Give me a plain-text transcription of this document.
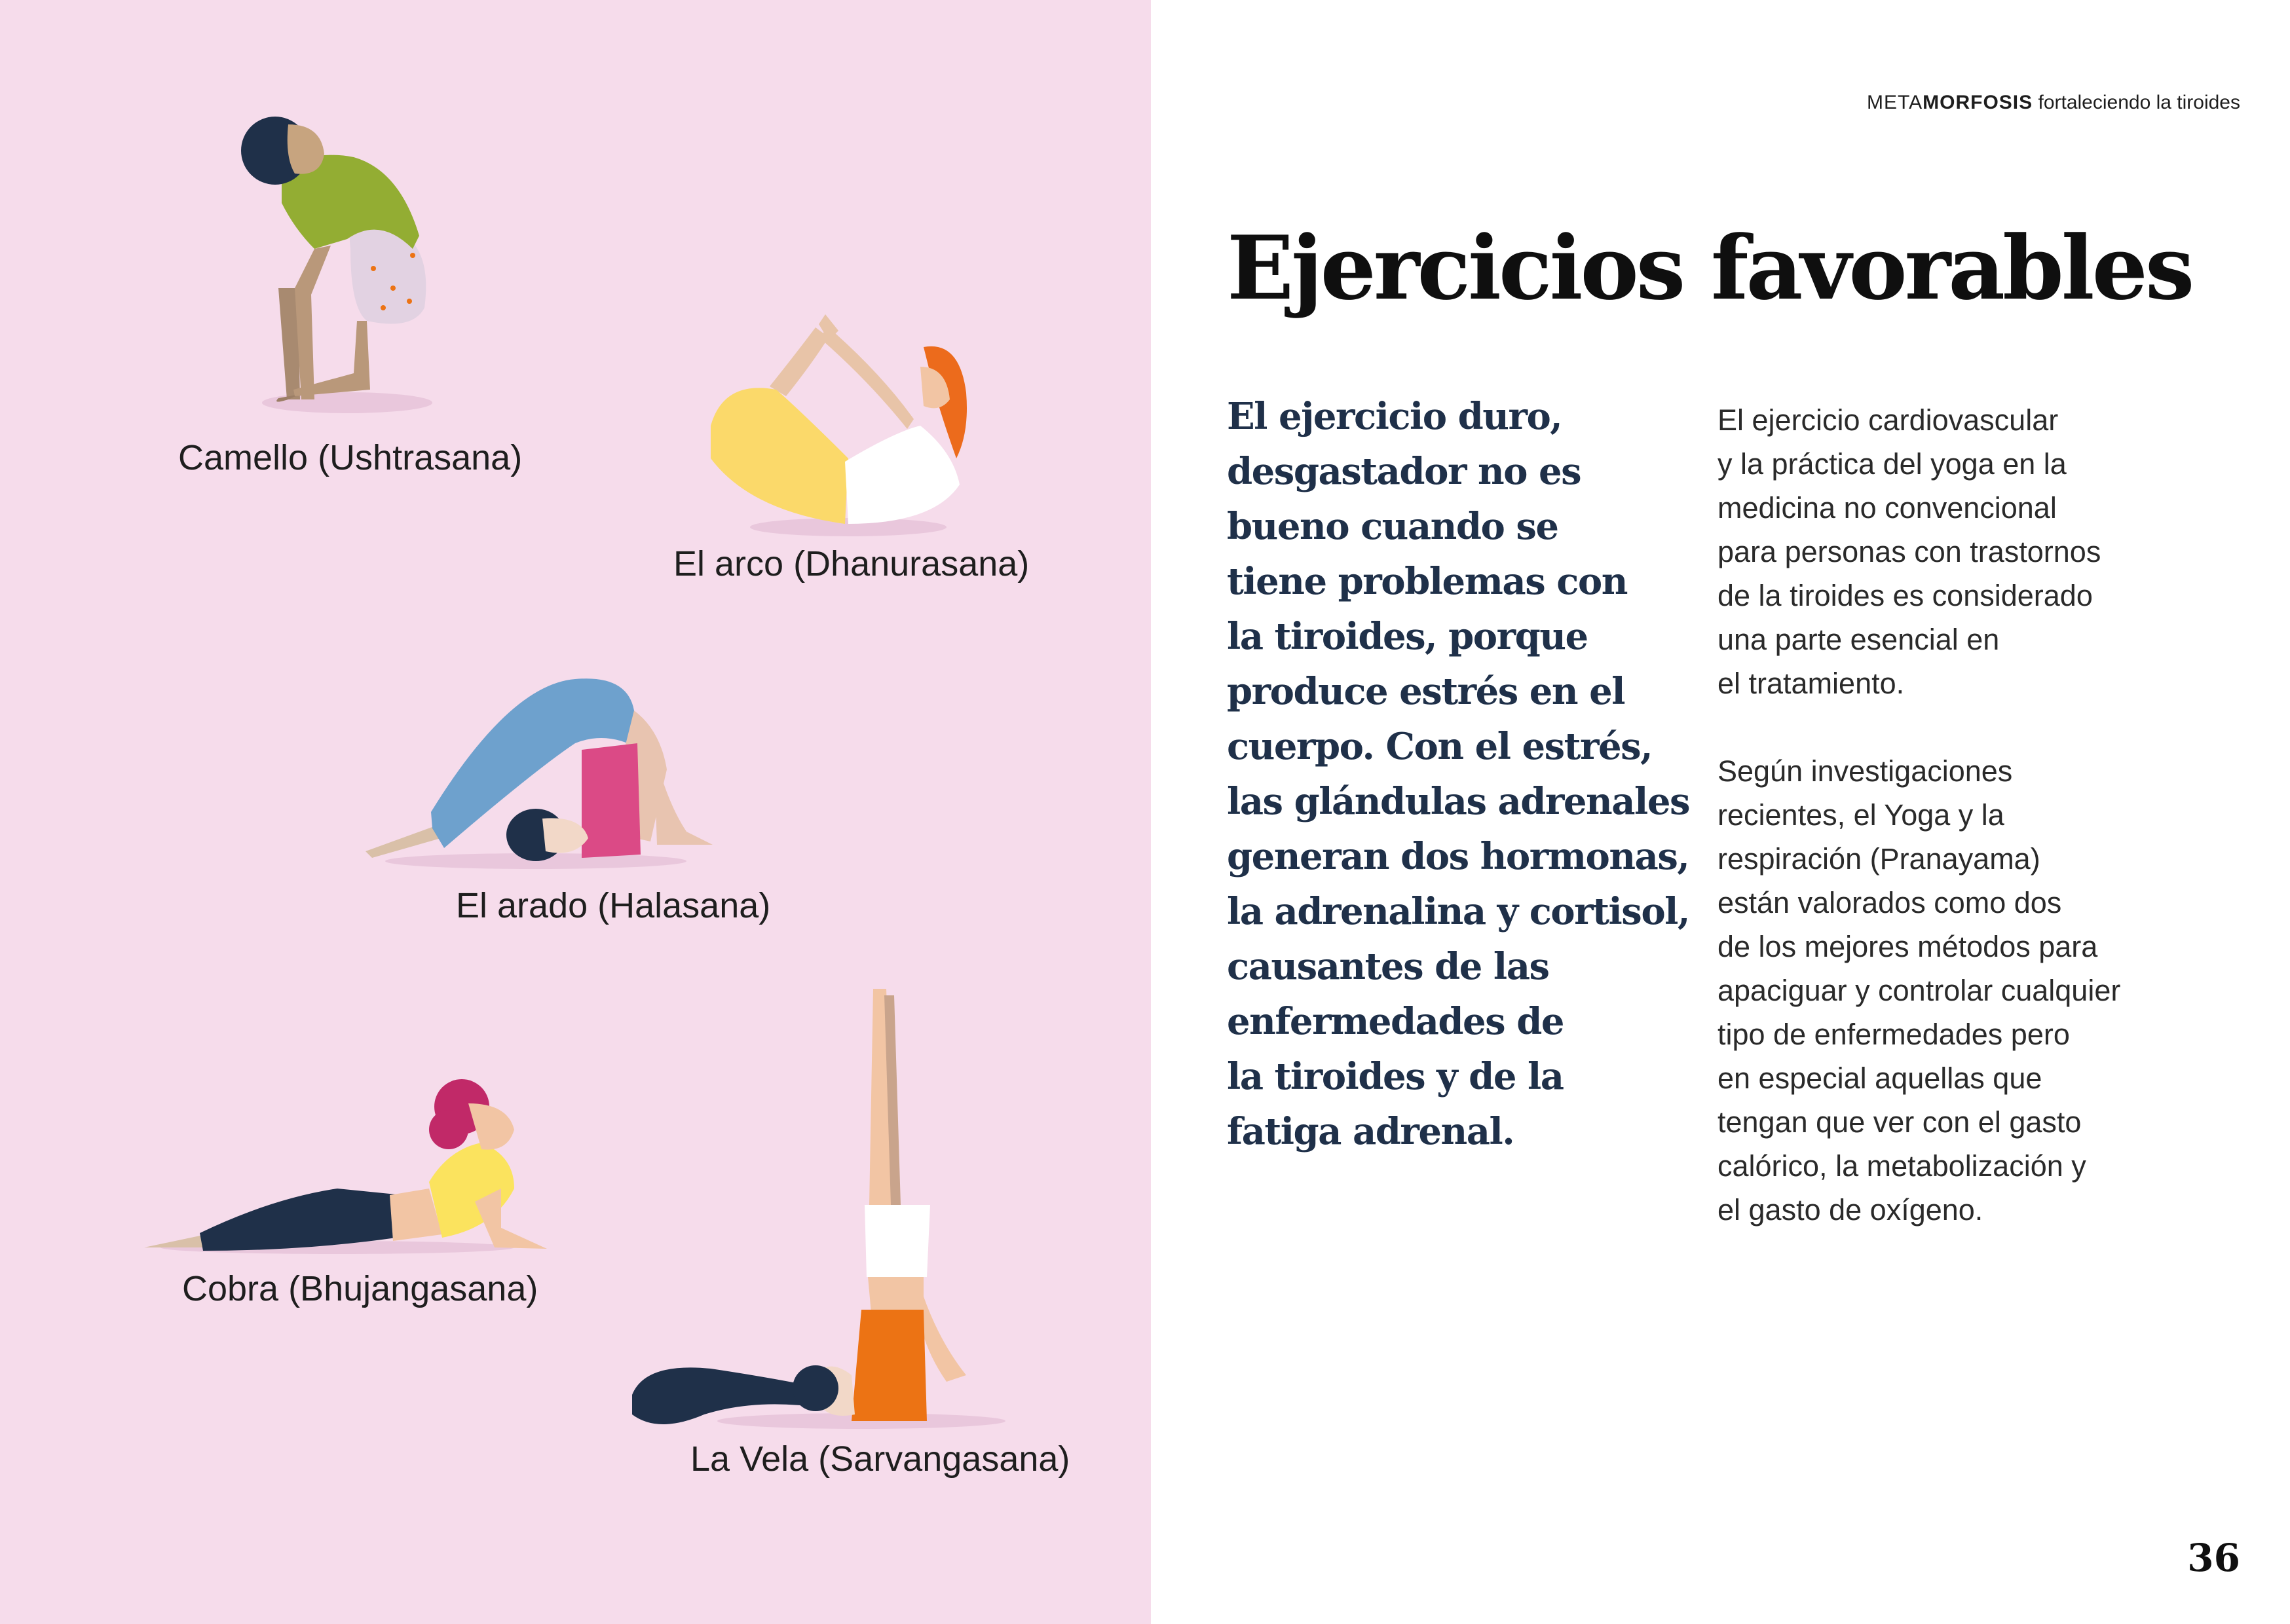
Camello (Ushtrasana)
El arco (Dhanurasana)
El arado (Halasana)
Cobra (Bhujangasana)
La Vela (Sarvangasana)
METAMORFOSIS fortaleciendo la tiroides
Ejercicios favorables
El ejercicio duro,
desgastador no es
bueno cuando se
tiene problemas con
la tiroides, porque
produce estrés en el
cuerpo. Con el estrés,
las glándulas adrenales
generan dos hormonas,
la adrenalina y cortisol,
causantes de las
enfermedades de
la tiroides y de la
fatiga adrenal.
El ejercicio cardiovascular
y la práctica del yoga en la
medicina no convencional
para personas con trastornos
de la tiroides es considerado
una parte esencial en
el tratamiento.
Según investigaciones
recientes, el Yoga y la
respiración (Pranayama)
están valorados como dos
de los mejores métodos para
apaciguar y controlar cualquier
tipo de enfermedades pero
en especial aquellas que
tengan que ver con el gasto
calórico, la metabolización y
el gasto de oxígeno.
36
